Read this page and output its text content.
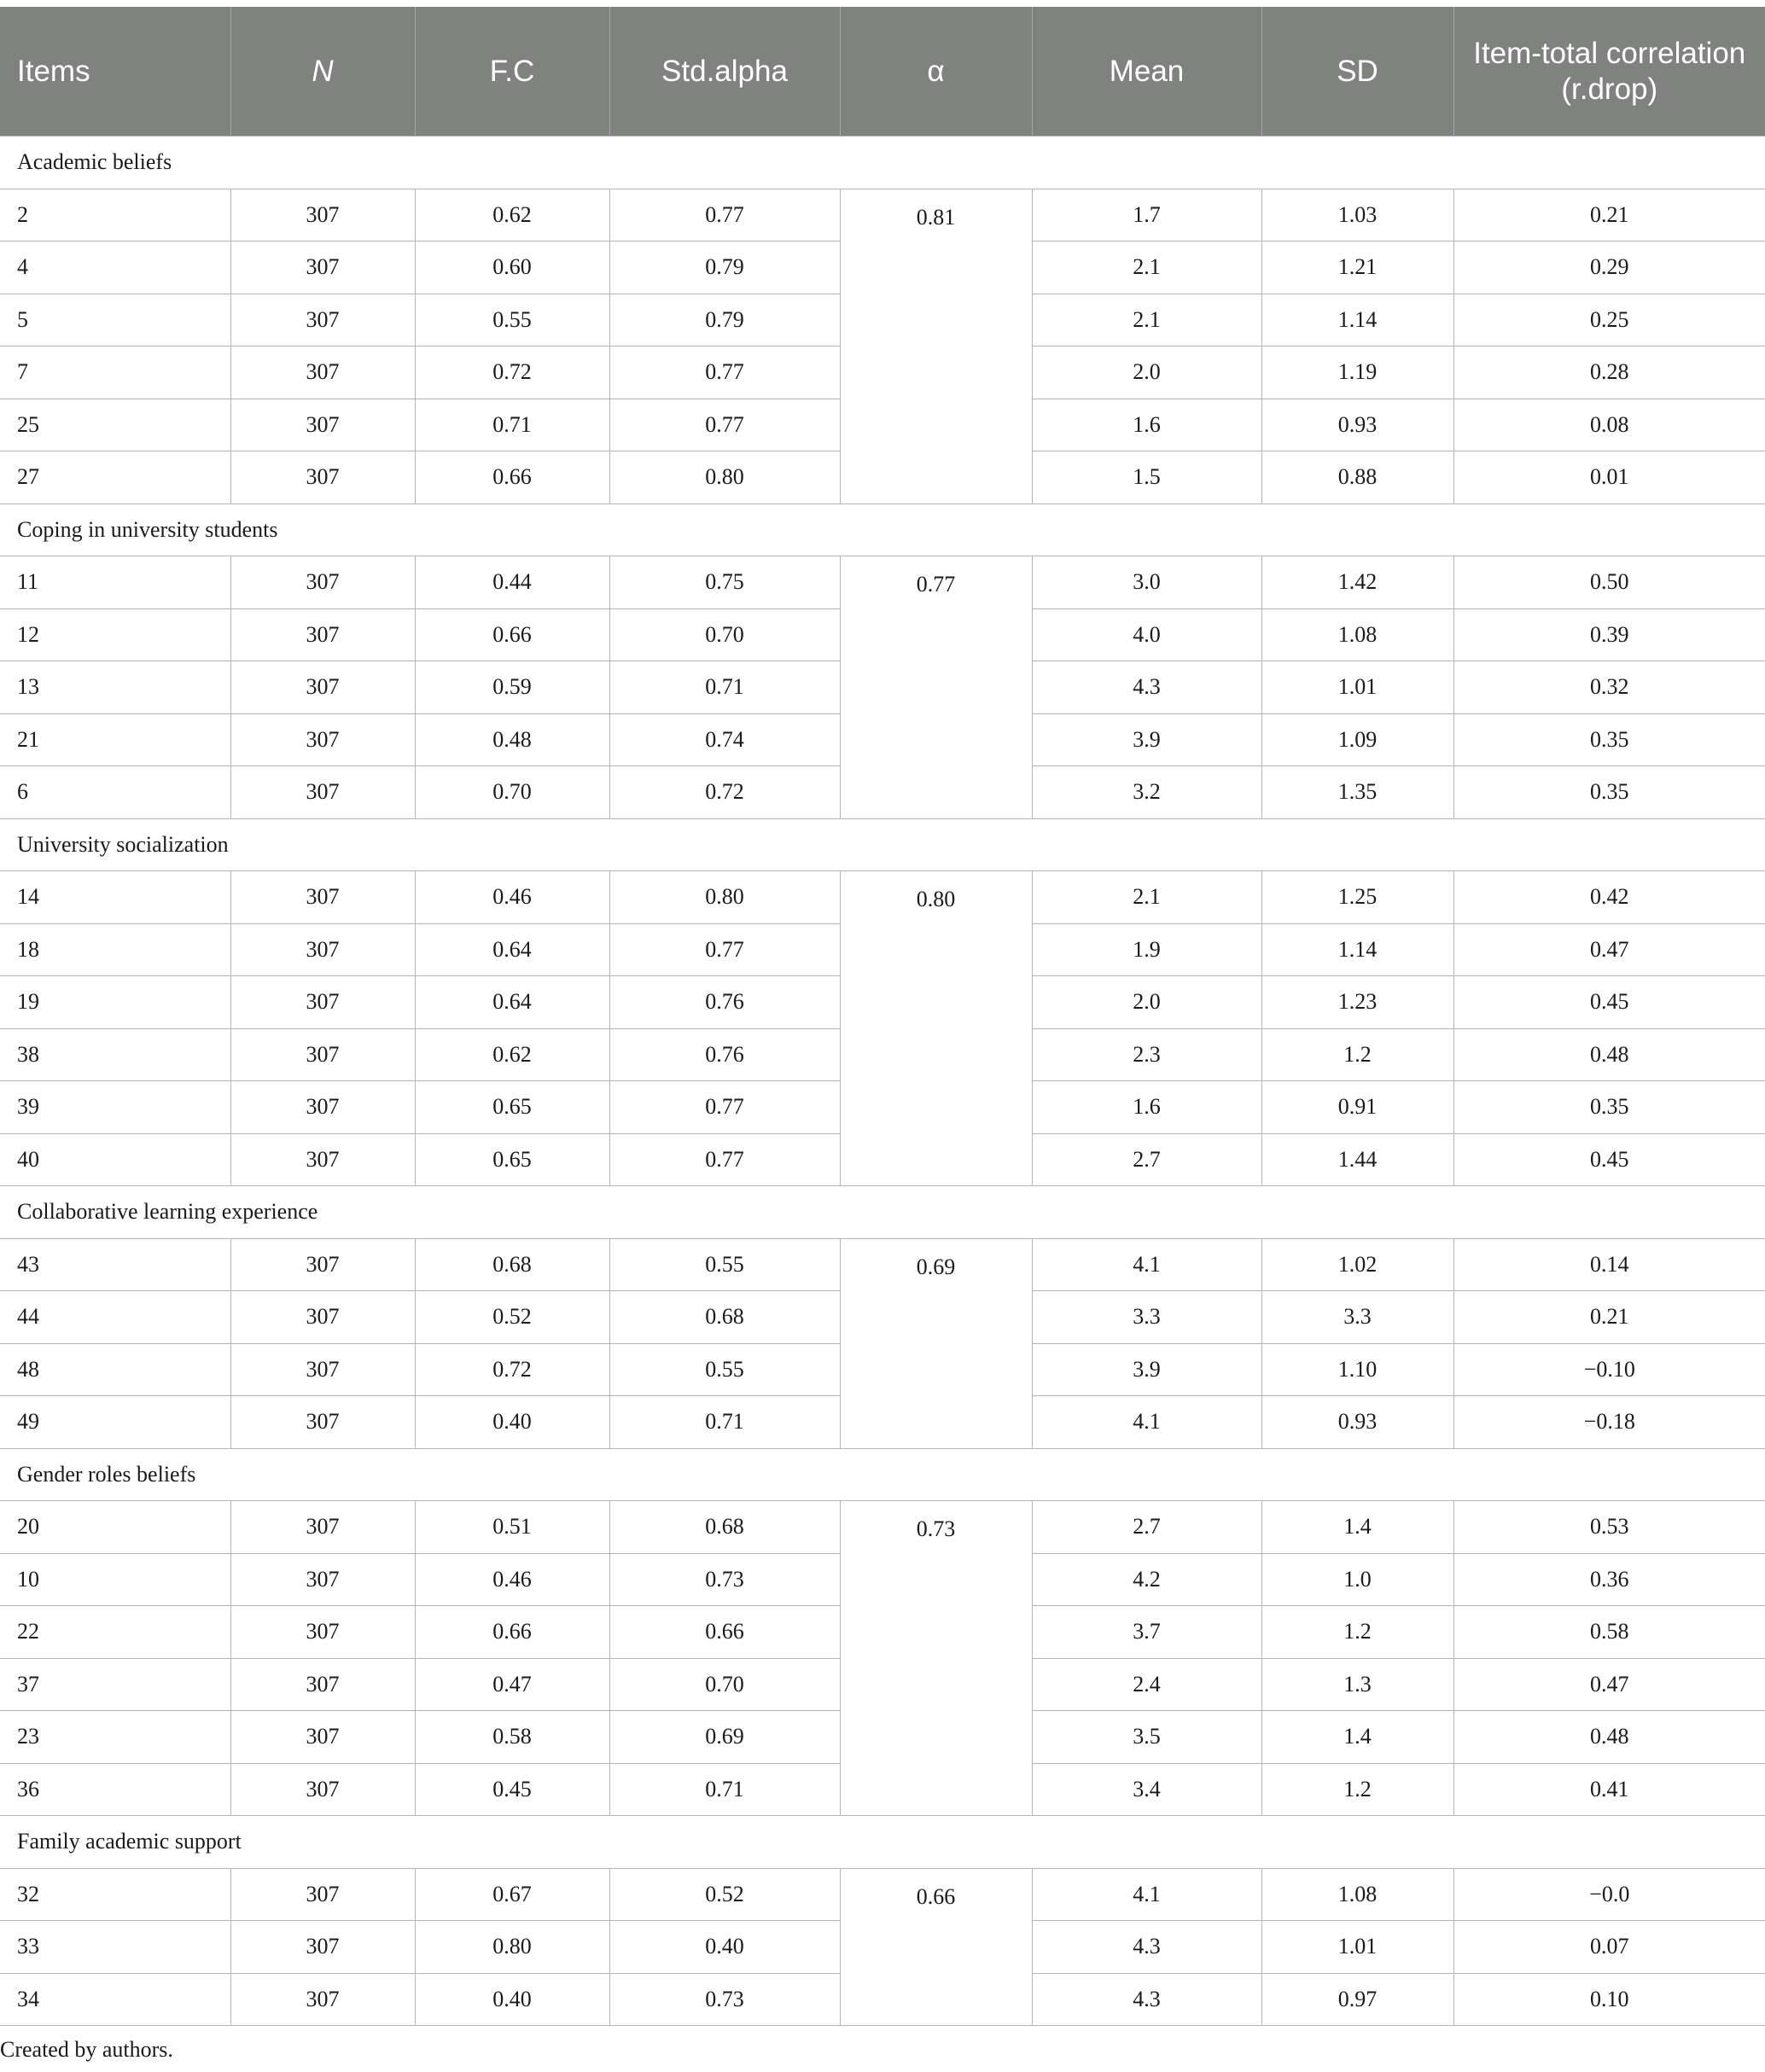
Items	N	F.C	Std.alpha	α	Mean	SD	Item-total correlation (r.drop)
Academic beliefs							
2	307	0.62	0.77	0.81	1.7	1.03	0.21
4	307	0.60	0.79		2.1	1.21	0.29
5	307	0.55	0.79		2.1	1.14	0.25
7	307	0.72	0.77		2.0	1.19	0.28
25	307	0.71	0.77		1.6	0.93	0.08
27	307	0.66	0.80		1.5	0.88	0.01
Coping in university students							
11	307	0.44	0.75	0.77	3.0	1.42	0.50
12	307	0.66	0.70		4.0	1.08	0.39
13	307	0.59	0.71		4.3	1.01	0.32
21	307	0.48	0.74		3.9	1.09	0.35
6	307	0.70	0.72		3.2	1.35	0.35
University socialization							
14	307	0.46	0.80	0.80	2.1	1.25	0.42
18	307	0.64	0.77		1.9	1.14	0.47
19	307	0.64	0.76		2.0	1.23	0.45
38	307	0.62	0.76		2.3	1.2	0.48
39	307	0.65	0.77		1.6	0.91	0.35
40	307	0.65	0.77		2.7	1.44	0.45
Collaborative learning experience							
43	307	0.68	0.55	0.69	4.1	1.02	0.14
44	307	0.52	0.68		3.3	3.3	0.21
48	307	0.72	0.55		3.9	1.10	−0.10
49	307	0.40	0.71		4.1	0.93	−0.18
Gender roles beliefs							
20	307	0.51	0.68	0.73	2.7	1.4	0.53
10	307	0.46	0.73		4.2	1.0	0.36
22	307	0.66	0.66		3.7	1.2	0.58
37	307	0.47	0.70		2.4	1.3	0.47
23	307	0.58	0.69		3.5	1.4	0.48
36	307	0.45	0.71		3.4	1.2	0.41
Family academic support							
32	307	0.67	0.52	0.66	4.1	1.08	−0.0
33	307	0.80	0.40		4.3	1.01	0.07
34	307	0.40	0.73		4.3	0.97	0.10
Created by authors.
